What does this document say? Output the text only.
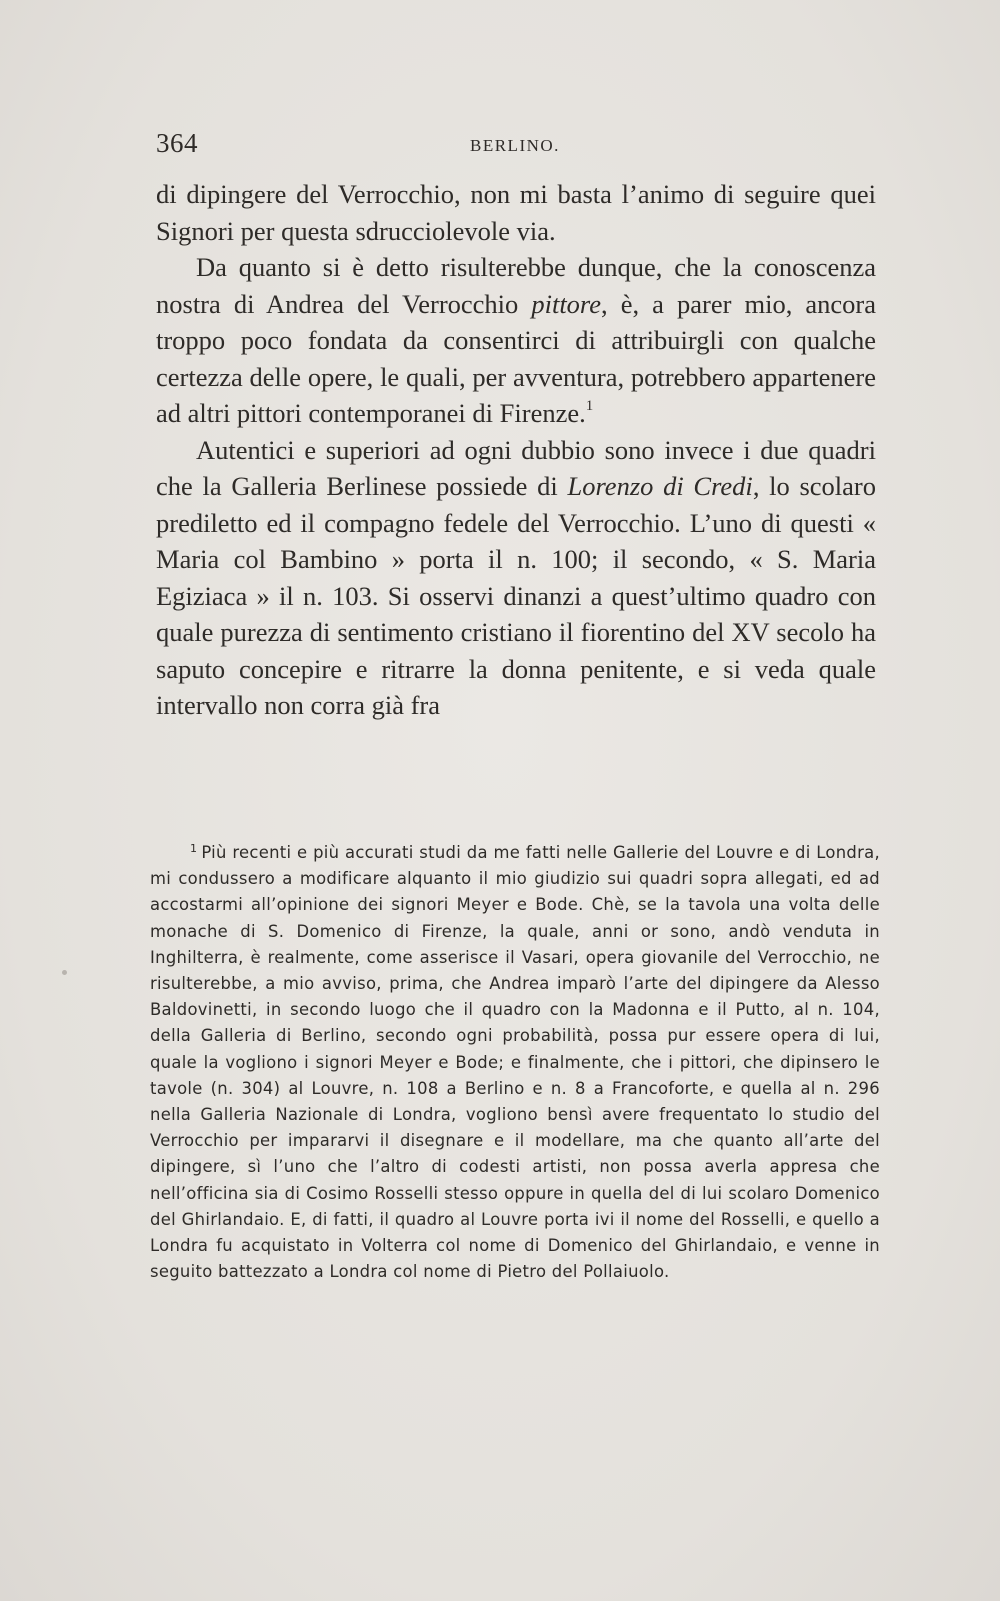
364	BERLINO.

di dipingere del Verrocchio, non mi basta l’animo di seguire quei Signori per questa sdrucciolevole via.

Da quanto si è detto risulterebbe dunque, che la conoscenza nostra di Andrea del Verrocchio pittore, è, a parer mio, ancora troppo poco fondata da consentirci di attribuirgli con qualche certezza delle opere, le quali, per avventura, potrebbero appartenere ad altri pittori contemporanei di Firenze.$^1$

Autentici e superiori ad ogni dubbio sono invece i due quadri che la Galleria Berlinese possiede di Lorenzo di Credi, lo scolaro prediletto ed il compagno fedele del Verrocchio. L’uno di questi « Maria col Bambino » porta il n. 100; il secondo, « S. Maria Egiziaca » il n. 103. Si osservi dinanzi a quest’ultimo quadro con quale purezza di sentimento cristiano il fiorentino del XV secolo ha saputo concepire e ritrarre la donna penitente, e si veda quale intervallo non corra già fra

$^1$ Più recenti e più accurati studi da me fatti nelle Gallerie del Louvre e di Londra, mi condussero a modificare alquanto il mio giudizio sui quadri sopra allegati, ed ad accostarmi all’opinione dei signori Meyer e Bode. Chè, se la tavola una volta delle monache di S. Domenico di Firenze, la quale, anni or sono, andò venduta in Inghilterra, è realmente, come asserisce il Vasari, opera giovanile del Verrocchio, ne risulterebbe, a mio avviso, prima, che Andrea imparò l’arte del dipingere da Alesso Baldovinetti, in secondo luogo che il quadro con la Madonna e il Putto, al n. 104, della Galleria di Berlino, secondo ogni probabilità, possa pur essere opera di lui, quale la vogliono i signori Meyer e Bode; e finalmente, che i pittori, che dipinsero le tavole (n. 304) al Louvre, n. 108 a Berlino e n. 8 a Francoforte, e quella al n. 296 nella Galleria Nazionale di Londra, vogliono bensì avere frequentato lo studio del Verrocchio per impararvi il disegnare e il modellare, ma che quanto all’arte del dipingere, sì l’uno che l’altro di codesti artisti, non possa averla appresa che nell’officina sia di Cosimo Rosselli stesso oppure in quella del di lui scolaro Domenico del Ghirlandaio. E, di fatti, il quadro al Louvre porta ivi il nome del Rosselli, e quello a Londra fu acquistato in Volterra col nome di Domenico del Ghirlandaio, e venne in seguito battezzato a Londra col nome di Pietro del Pollaiuolo.
